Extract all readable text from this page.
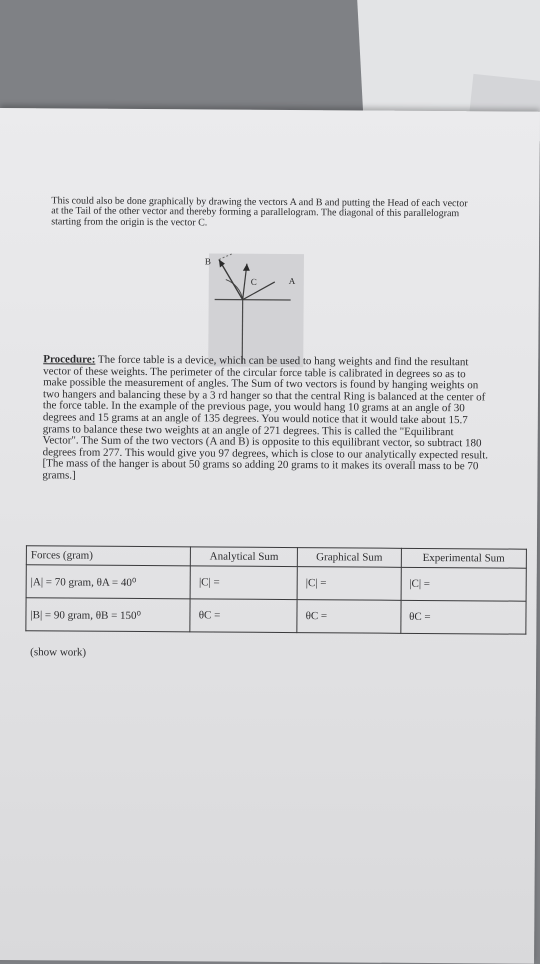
This could also be done graphically by drawing the vectors A and B and putting the Head of each vector at the Tail of the other vector and thereby forming a parallelogram. The diagonal of this parallelogram starting from the origin is the vector C.

B
A
C

Procedure: The force table is a device, which can be used to hang weights and find the resultant vector of these weights. The perimeter of the circular force table is calibrated in degrees so as to make possible the measurement of angles. The Sum of two vectors is found by hanging weights on two hangers and balancing these by a 3 rd hanger so that the central Ring is balanced at the center of the force table. In the example of the previous page, you would hang 10 grams at an angle of 30 degrees and 15 grams at an angle of 135 degrees. You would notice that it would take about 15.7 grams to balance these two weights at an angle of 271 degrees. This is called the "Equilibrant Vector". The Sum of the two vectors (A and B) is opposite to this equilibrant vector, so subtract 180 degrees from 277. This would give you 97 degrees, which is close to our analytically expected result. [The mass of the hanger is about 50 grams so adding 20 grams to it makes its overall mass to be 70 grams.]

Forces (gram)	Analytical Sum	Graphical Sum	Experimental Sum
|A| = 70 gram, θA = 40⁰	|C| =	|C| =	|C| =
|B| = 90 gram, θB = 150⁰	θC =	θC =	θC =
(show work)
